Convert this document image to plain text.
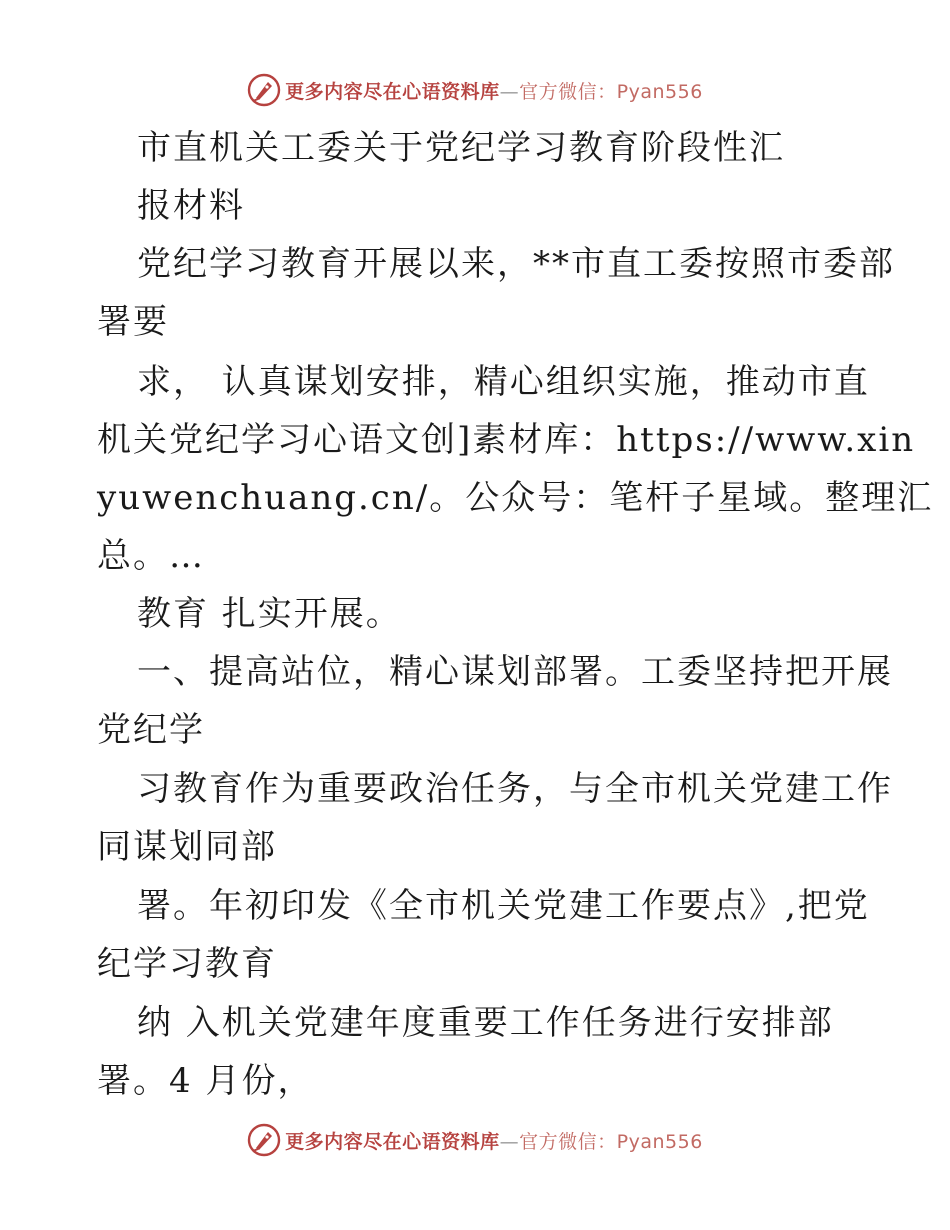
更多内容尽在心语资料库—官方微信：Pyan556
市直机关工委关于党纪学习教育阶段性汇
报材料
党纪学习教育开展以来，**市直工委按照市委部
署要
求， 认真谋划安排，精心组织实施，推动市直
机关党纪学习心语文创]素材库：https://www.xin
yuwenchuang.cn/。公众号：笔杆子星域。整理汇
总。…
教育 扎实开展。
一、提高站位，精心谋划部署。工委坚持把开展
党纪学
习教育作为重要政治任务，与全市机关党建工作
同谋划同部
署。年初印发《全市机关党建工作要点》,把党
纪学习教育
纳 入机关党建年度重要工作任务进行安排部
署。4 月份，
更多内容尽在心语资料库—官方微信：Pyan556
